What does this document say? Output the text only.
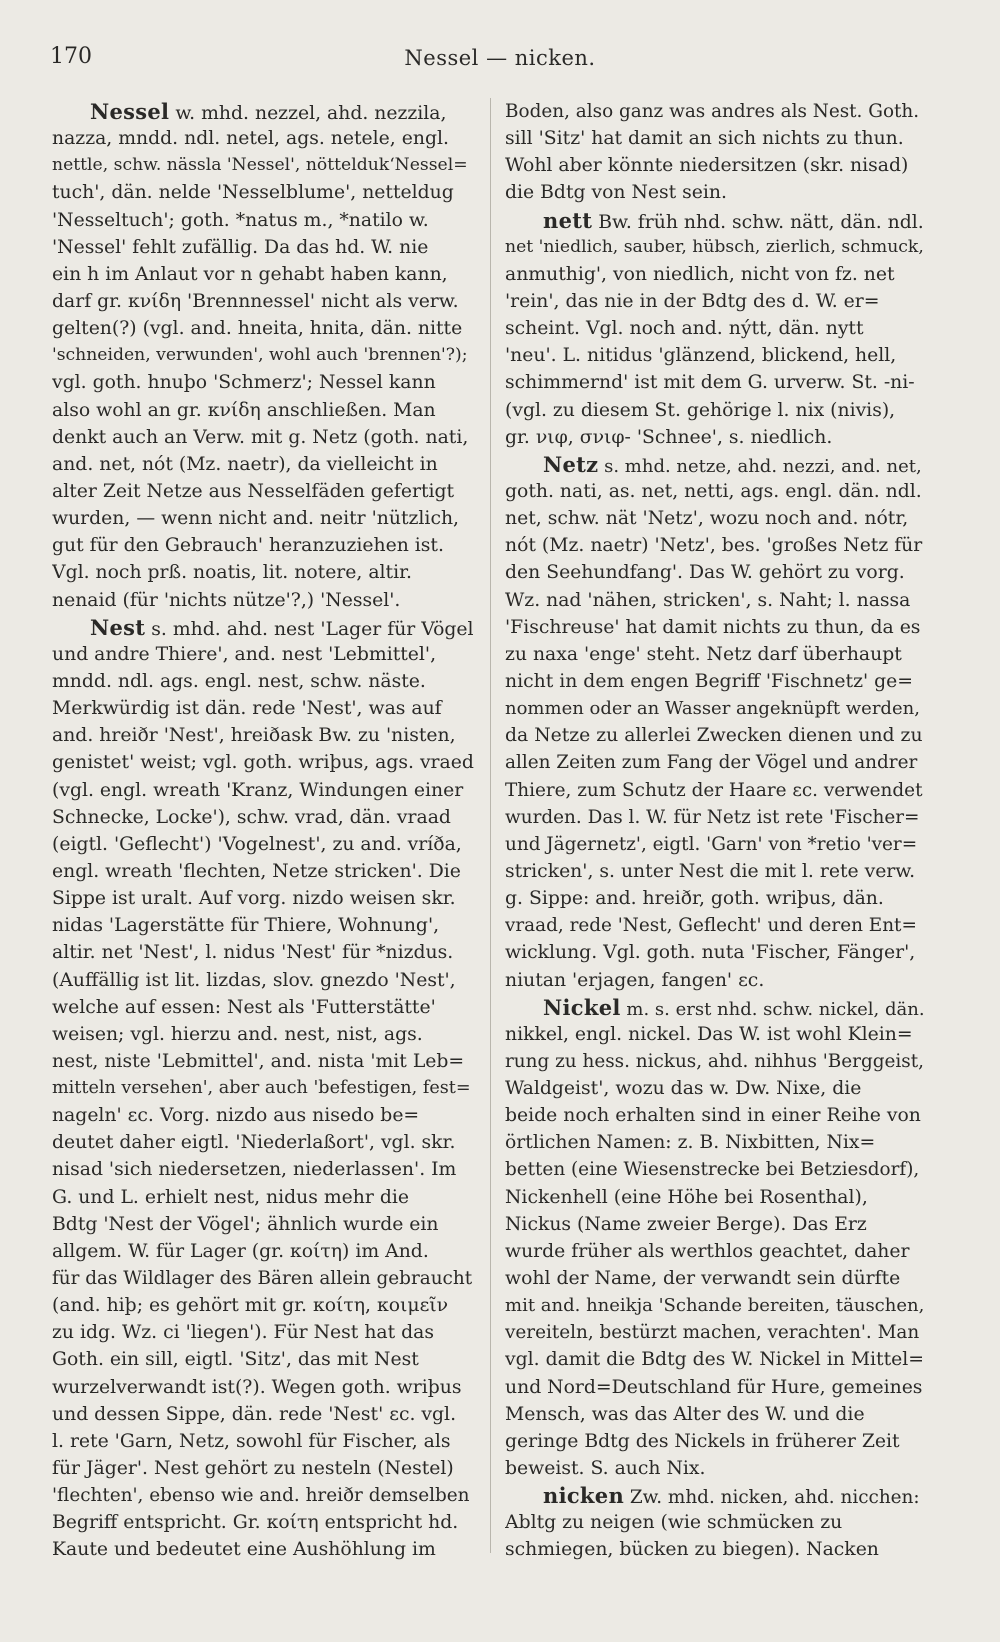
170	Nessel — nicken.
Nessel w. mhd. nezzel, ahd. nezzila,
nazza, mndd. ndl. netel, ags. netele, engl.
nettle, schw. nässla 'Nessel', nötteldukʻNessel=
tuch', dän. nelde 'Nesselblume', netteldug
'Nesseltuch'; goth. *natus m., *natilo w.
'Nessel' fehlt zufällig. Da das hd. W. nie
ein h im Anlaut vor n gehabt haben kann,
darf gr. κνίδη 'Brennnessel' nicht als verw.
gelten(?) (vgl. and. hneita, hnita, dän. nitte
'schneiden, verwunden', wohl auch 'brennen'?);
vgl. goth. hnuþo 'Schmerz'; Nessel kann
also wohl an gr. κνίδη anschließen. Man
denkt auch an Verw. mit g. Netz (goth. nati,
and. net, nót (Mz. naetr), da vielleicht in
alter Zeit Netze aus Nesselfäden gefertigt
wurden, — wenn nicht and. neitr 'nützlich,
gut für den Gebrauch' heranzuziehen ist.
Vgl. noch prß. noatis, lit. notere, altir.
nenaid (für 'nichts nütze'?,) 'Nessel'.
Nest s. mhd. ahd. nest 'Lager für Vögel
und andre Thiere', and. nest 'Lebmittel',
mndd. ndl. ags. engl. nest, schw. näste.
Merkwürdig ist dän. rede 'Nest', was auf
and. hreiðr 'Nest', hreiðask Bw. zu 'nisten,
genistet' weist; vgl. goth. wriþus, ags. vraed
(vgl. engl. wreath 'Kranz, Windungen einer
Schnecke, Locke'), schw. vrad, dän. vraad
(eigtl. 'Geflecht') 'Vogelnest', zu and. vríða,
engl. wreath 'flechten, Netze stricken'. Die
Sippe ist uralt. Auf vorg. nizdo weisen skr.
nidas 'Lagerstätte für Thiere, Wohnung',
altir. net 'Nest', l. nidus 'Nest' für *nizdus.
(Auffällig ist lit. lizdas, slov. gnezdo 'Nest',
welche auf essen: Nest als 'Futterstätte'
weisen; vgl. hierzu and. nest, nist, ags.
nest, niste 'Lebmittel', and. nista 'mit Leb=
mitteln versehen', aber auch 'befestigen, fest=
nageln' ɛc. Vorg. nizdo aus nisedo be=
deutet daher eigtl. 'Niederlaßort', vgl. skr.
nisad 'sich niedersetzen, niederlassen'. Im
G. und L. erhielt nest, nidus mehr die
Bdtg 'Nest der Vögel'; ähnlich wurde ein
allgem. W. für Lager (gr. κοίτη) im And.
für das Wildlager des Bären allein gebraucht
(and. hiþ; es gehört mit gr. κοίτη, κοιμεῖν
zu idg. Wz. ci 'liegen'). Für Nest hat das
Goth. ein sill, eigtl. 'Sitz', das mit Nest
wurzelverwandt ist(?). Wegen goth. wriþus
und dessen Sippe, dän. rede 'Nest' ɛc. vgl.
l. rete 'Garn, Netz, sowohl für Fischer, als
für Jäger'. Nest gehört zu nesteln (Nestel)
'flechten', ebenso wie and. hreiðr demselben
Begriff entspricht. Gr. κοίτη entspricht hd.
Kaute und bedeutet eine Aushöhlung im
Boden, also ganz was andres als Nest. Goth.
sill 'Sitz' hat damit an sich nichts zu thun.
Wohl aber könnte niedersitzen (skr. nisad)
die Bdtg von Nest sein.
nett Bw. früh nhd. schw. nätt, dän. ndl.
net 'niedlich, sauber, hübsch, zierlich, schmuck,
anmuthig', von niedlich, nicht von fz. net
'rein', das nie in der Bdtg des d. W. er=
scheint. Vgl. noch and. nýtt, dän. nytt
'neu'. L. nitidus 'glänzend, blickend, hell,
schimmernd' ist mit dem G. urverw. St. -ni-
(vgl. zu diesem St. gehörige l. nix (nivis),
gr. νιφ, σνιφ- 'Schnee', s. niedlich.
Netz s. mhd. netze, ahd. nezzi, and. net,
goth. nati, as. net, netti, ags. engl. dän. ndl.
net, schw. nät 'Netz', wozu noch and. nótr,
nót (Mz. naetr) 'Netz', bes. 'großes Netz für
den Seehundfang'. Das W. gehört zu vorg.
Wz. nad 'nähen, stricken', s. Naht; l. nassa
'Fischreuse' hat damit nichts zu thun, da es
zu naxa 'enge' steht. Netz darf überhaupt
nicht in dem engen Begriff 'Fischnetz' ge=
nommen oder an Wasser angeknüpft werden,
da Netze zu allerlei Zwecken dienen und zu
allen Zeiten zum Fang der Vögel und andrer
Thiere, zum Schutz der Haare ɛc. verwendet
wurden. Das l. W. für Netz ist rete 'Fischer=
und Jägernetz', eigtl. 'Garn' von *retio 'ver=
stricken', s. unter Nest die mit l. rete verw.
g. Sippe: and. hreiðr, goth. wriþus, dän.
vraad, rede 'Nest, Geflecht' und deren Ent=
wicklung. Vgl. goth. nuta 'Fischer, Fänger',
niutan 'erjagen, fangen' ɛc.
Nickel m. s. erst nhd. schw. nickel, dän.
nikkel, engl. nickel. Das W. ist wohl Klein=
rung zu hess. nickus, ahd. nihhus 'Berggeist,
Waldgeist', wozu das w. Dw. Nixe, die
beide noch erhalten sind in einer Reihe von
örtlichen Namen: z. B. Nixbitten, Nix=
betten (eine Wiesenstrecke bei Betziesdorf),
Nickenhell (eine Höhe bei Rosenthal),
Nickus (Name zweier Berge). Das Erz
wurde früher als werthlos geachtet, daher
wohl der Name, der verwandt sein dürfte
mit and. hneikja 'Schande bereiten, täuschen,
vereiteln, bestürzt machen, verachten'. Man
vgl. damit die Bdtg des W. Nickel in Mittel=
und Nord=Deutschland für Hure, gemeines
Mensch, was das Alter des W. und die
geringe Bdtg des Nickels in früherer Zeit
beweist. S. auch Nix.
nicken Zw. mhd. nicken, ahd. nicchen:
Abltg zu neigen (wie schmücken zu
schmiegen, bücken zu biegen). Nacken
